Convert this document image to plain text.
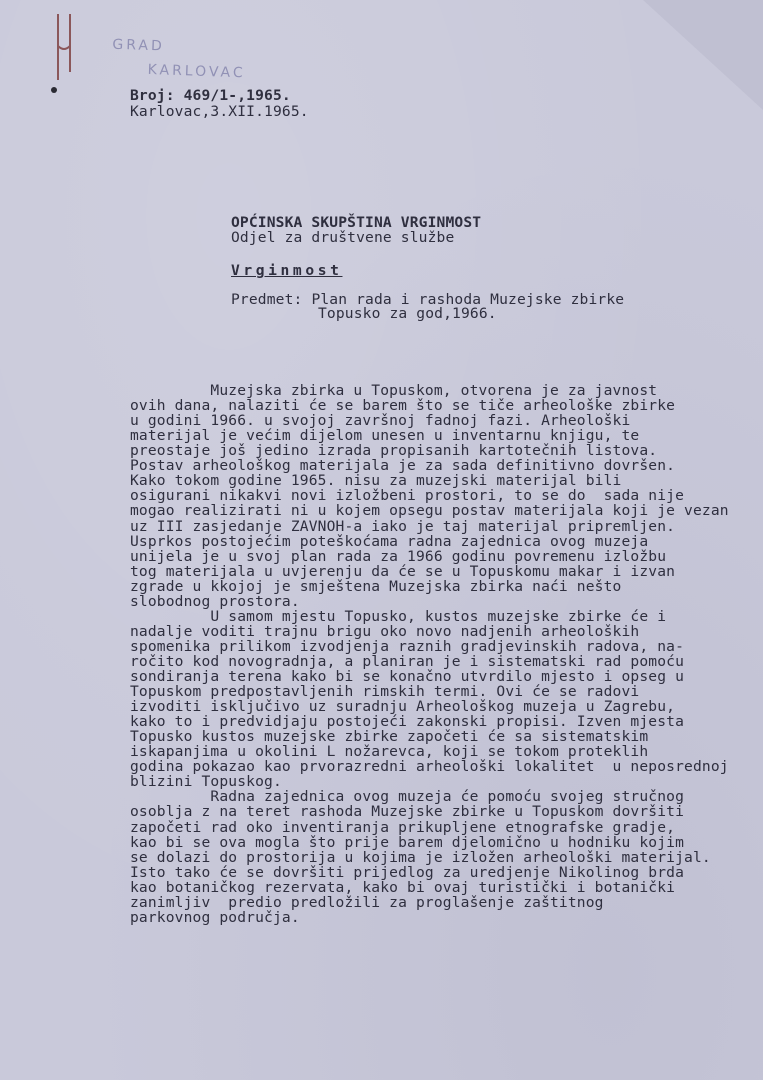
GRAD
KARLOVAC
Broj: 469/1-,1965.
Karlovac,3.XII.1965.
OPĆINSKA SKUPŠTINA VRGINMOST
Odjel za društvene službe
Vrginmost
Predmet: Plan rada i rashoda Muzejske zbirke
Topusko za god,1966.
Muzejska zbirka u Topuskom, otvorena je za javnost
ovih dana, nalaziti će se barem što se tiče arheološke zbirke
u godini 1966. u svojoj završnoj fadnoj fazi. Arheološki
materijal je većim dijelom unesen u inventarnu knjigu, te
preostaje još jedino izrada propisanih kartotečnih listova.
Postav arheološkog materijala je za sada definitivno dovršen.
Kako tokom godine 1965. nisu za muzejski materijal bili
osigurani nikakvi novi izložbeni prostori, to se do  sada nije
mogao realizirati ni u kojem opsegu postav materijala koji je vezan
uz III zasjedanje ZAVNOH-a iako je taj materijal pripremljen.
Usprkos postojećim poteškoćama radna zajednica ovog muzeja
unijela je u svoj plan rada za 1966 godinu povremenu izložbu
tog materijala u uvjerenju da će se u Topuskomu makar i izvan
zgrade u kkojoj je smještena Muzejska zbirka naći nešto
slobodnog prostora.
U samom mjestu Topusko, kustos muzejske zbirke će i
nadalje voditi trajnu brigu oko novo nadjenih arheoloških
spomenika prilikom izvodjenja raznih gradjevinskih radova, na-
ročito kod novogradnja, a planiran je i sistematski rad pomoću
sondiranja terena kako bi se konačno utvrdilo mjesto i opseg u
Topuskom predpostavljenih rimskih termi. Ovi će se radovi
izvoditi isključivo uz suradnju Arheološkog muzeja u Zagrebu,
kako to i predvidjaju postojeći zakonski propisi. Izven mjesta
Topusko kustos muzejske zbirke započeti će sa sistematskim
iskapanjima u okolini L nožarevca, koji se tokom proteklih
godina pokazao kao prvorazredni arheološki lokalitet  u neposrednoj
blizini Topuskog.
Radna zajednica ovog muzeja će pomoću svojeg stručnog
osoblja z na teret rashoda Muzejske zbirke u Topuskom dovršiti
započeti rad oko inventiranja prikupljene etnografske gradje,
kao bi se ova mogla što prije barem djelomično u hodniku kojim
se dolazi do prostorija u kojima je izložen arheološki materijal.
Isto tako će se dovršiti prijedlog za uredjenje Nikolinog brda
kao botaničkog rezervata, kako bi ovaj turistički i botanički
zanimljiv  predio predložili za proglašenje zaštitnog
parkovnog područja.
